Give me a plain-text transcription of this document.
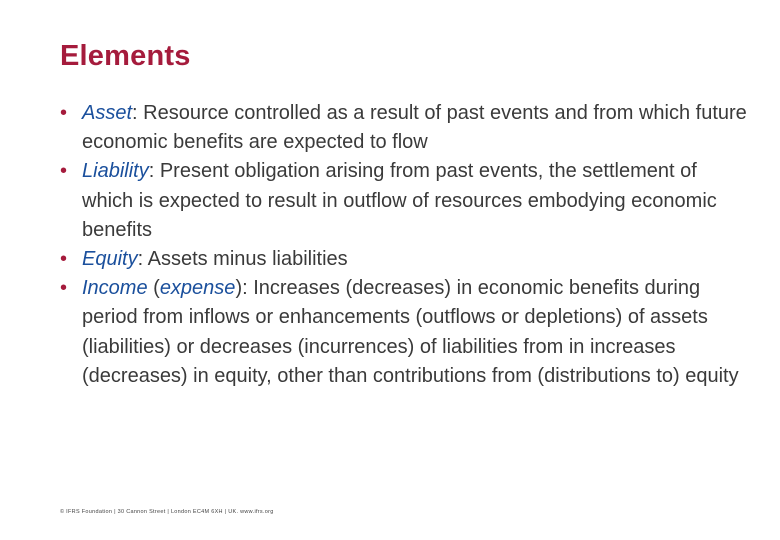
Elements
• Asset: Resource controlled as a result of past events and from which future economic benefits are expected to flow
• Liability: Present obligation arising from past events, the settlement of which is expected to result in outflow of resources embodying economic benefits
• Equity: Assets minus liabilities
• Income (expense): Increases (decreases) in economic benefits during period from inflows or enhancements (outflows or depletions) of assets (liabilities) or decreases (incurrences) of liabilities from in increases (decreases) in equity, other than contributions from (distributions to) equity
© IFRS Foundation | 30 Cannon Street | London EC4M 6XH | UK. www.ifrs.org
